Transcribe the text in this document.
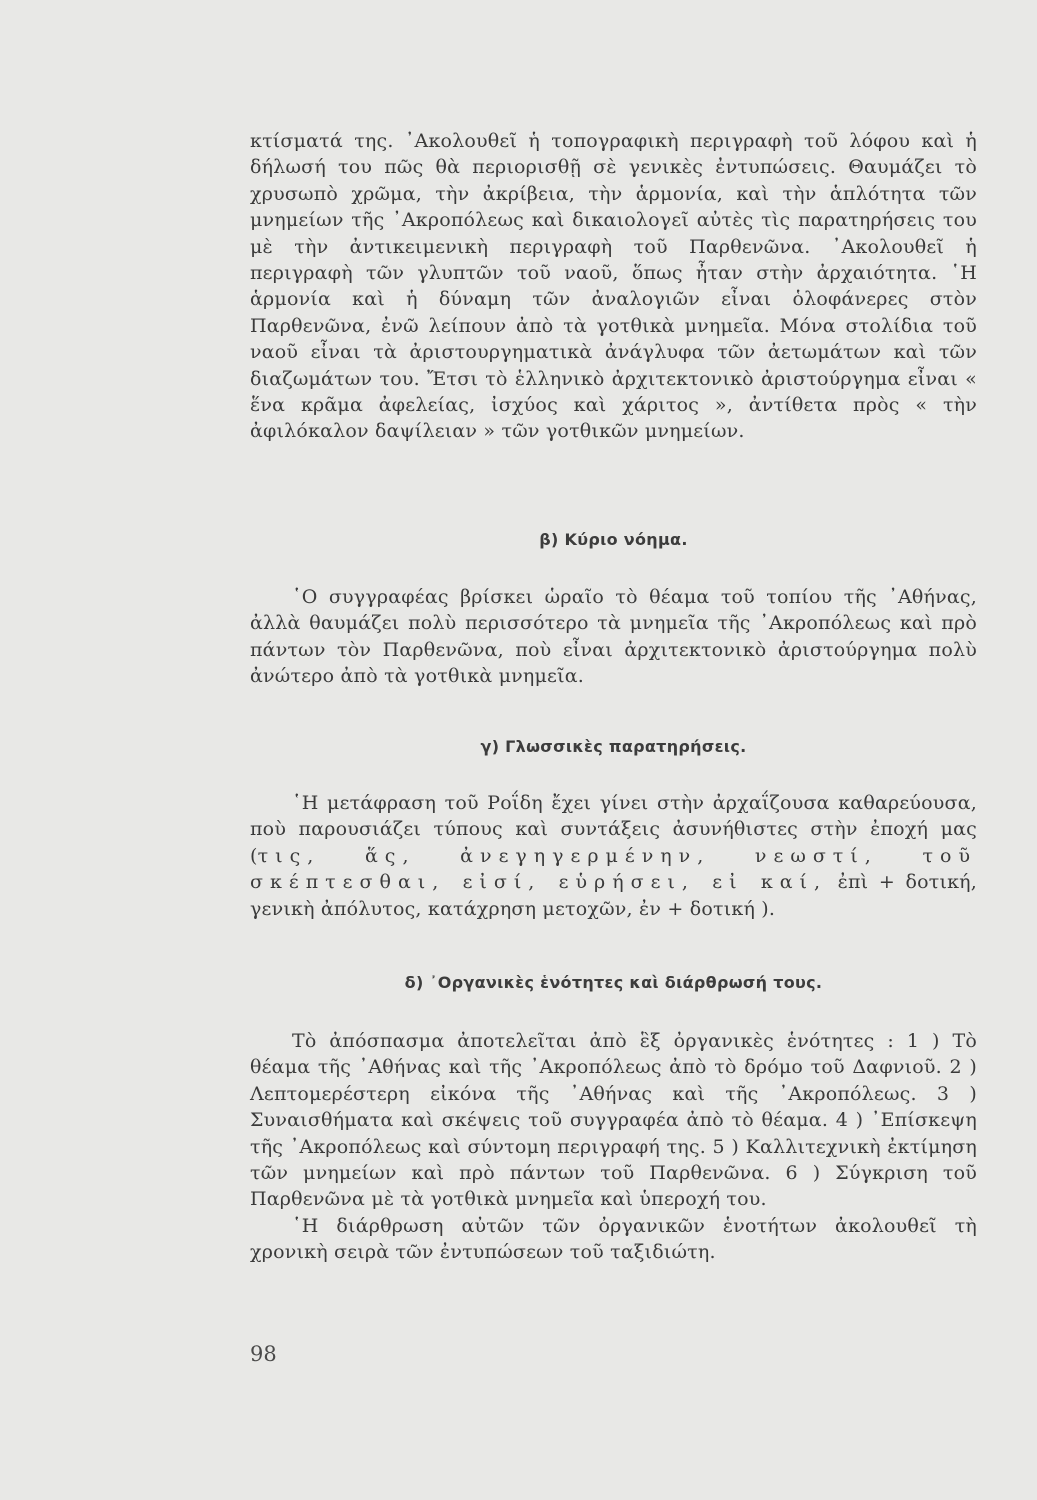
κτίσματά της. ᾿Ακολουθεῖ ἡ τοπογραφικὴ περιγραφὴ τοῦ λόφου καὶ ἡ δήλωσή του πῶς θὰ περιορισθῇ σὲ γενικὲς ἐντυπώσεις. Θαυμάζει τὸ χρυσωπὸ χρῶμα, τὴν ἀκρίβεια, τὴν ἁρμονία, καὶ τὴν ἁπλότητα τῶν μνημείων τῆς ᾿Ακροπόλεως καὶ δικαιολογεῖ αὐτὲς τὶς παρατηρήσεις του μὲ τὴν ἀντικειμενικὴ περιγραφὴ τοῦ Παρθενῶνα. ᾿Ακολουθεῖ ἡ περιγραφὴ τῶν γλυπτῶν τοῦ ναοῦ, ὅπως ἦταν στὴν ἀρχαιότητα. ῾Η ἁρμονία καὶ ἡ δύναμη τῶν ἀναλογιῶν εἶναι ὁλοφάνερες στὸν Παρθενῶνα, ἐνῶ λείπουν ἀπὸ τὰ γοτθικὰ μνημεῖα. Μόνα στολίδια τοῦ ναοῦ εἶναι τὰ ἀριστουργηματικὰ ἀνάγλυφα τῶν ἀετωμάτων καὶ τῶν διαζωμάτων του. Ἔτσι τὸ ἑλληνικὸ ἀρχιτεκτονικὸ ἀριστούργημα εἶναι « ἕνα κρᾶμα ἀφελείας, ἰσχύος καὶ χάριτος », ἀντίθετα πρὸς « τὴν ἀφιλόκαλον δαψίλειαν » τῶν γοτθικῶν μνημείων.

β) Κύριο νόημα.

῾Ο συγγραφέας βρίσκει ὡραῖο τὸ θέαμα τοῦ τοπίου τῆς ᾿Αθήνας, ἀλλὰ θαυμάζει πολὺ περισσότερο τὰ μνημεῖα τῆς ᾿Ακροπόλεως καὶ πρὸ πάντων τὸν Παρθενῶνα, ποὺ εἶναι ἀρχιτεκτονικὸ ἀριστούργημα πολὺ ἀνώτερο ἀπὸ τὰ γοτθικὰ μνημεῖα.

γ) Γλωσσικὲς παρατηρήσεις.

῾Η μετάφραση τοῦ Ροΐδη ἔχει γίνει στὴν ἀρχαΐζουσα καθαρεύουσα, ποὺ παρουσιάζει τύπους καὶ συντάξεις ἀσυνήθιστες στὴν ἐποχή μας (τις, ἅς, ἀνεγηγερμένην, νεωστί, τοῦ σκέπτεσθαι, εἰσί, εὑρήσει, εἰ καί, ἐπὶ + δοτική, γενικὴ ἀπόλυτος, κατάχρηση μετοχῶν, ἐν + δοτική ).

δ) ᾿Οργανικὲς ἑνότητες καὶ διάρθρωσή τους.

Τὸ ἀπόσπασμα ἀποτελεῖται ἀπὸ ἓξ ὀργανικὲς ἑνότητες : 1 ) Τὸ θέαμα τῆς ᾿Αθήνας καὶ τῆς ᾿Ακροπόλεως ἀπὸ τὸ δρόμο τοῦ Δαφνιοῦ. 2 ) Λεπτομερέστερη εἰκόνα τῆς ᾿Αθήνας καὶ τῆς ᾿Ακροπόλεως. 3 ) Συναισθήματα καὶ σκέψεις τοῦ συγγραφέα ἀπὸ τὸ θέαμα. 4 ) ᾿Επίσκεψη τῆς ᾿Ακροπόλεως καὶ σύντομη περιγραφή της. 5 ) Καλλιτεχνικὴ ἐκτίμηση τῶν μνημείων καὶ πρὸ πάντων τοῦ Παρθενῶνα. 6 ) Σύγκριση τοῦ Παρθενῶνα μὲ τὰ γοτθικὰ μνημεῖα καὶ ὑπεροχή του.

῾Η διάρθρωση αὐτῶν τῶν ὀργανικῶν ἑνοτήτων ἀκολουθεῖ τὴ χρονικὴ σειρὰ τῶν ἐντυπώσεων τοῦ ταξιδιώτη.

98
